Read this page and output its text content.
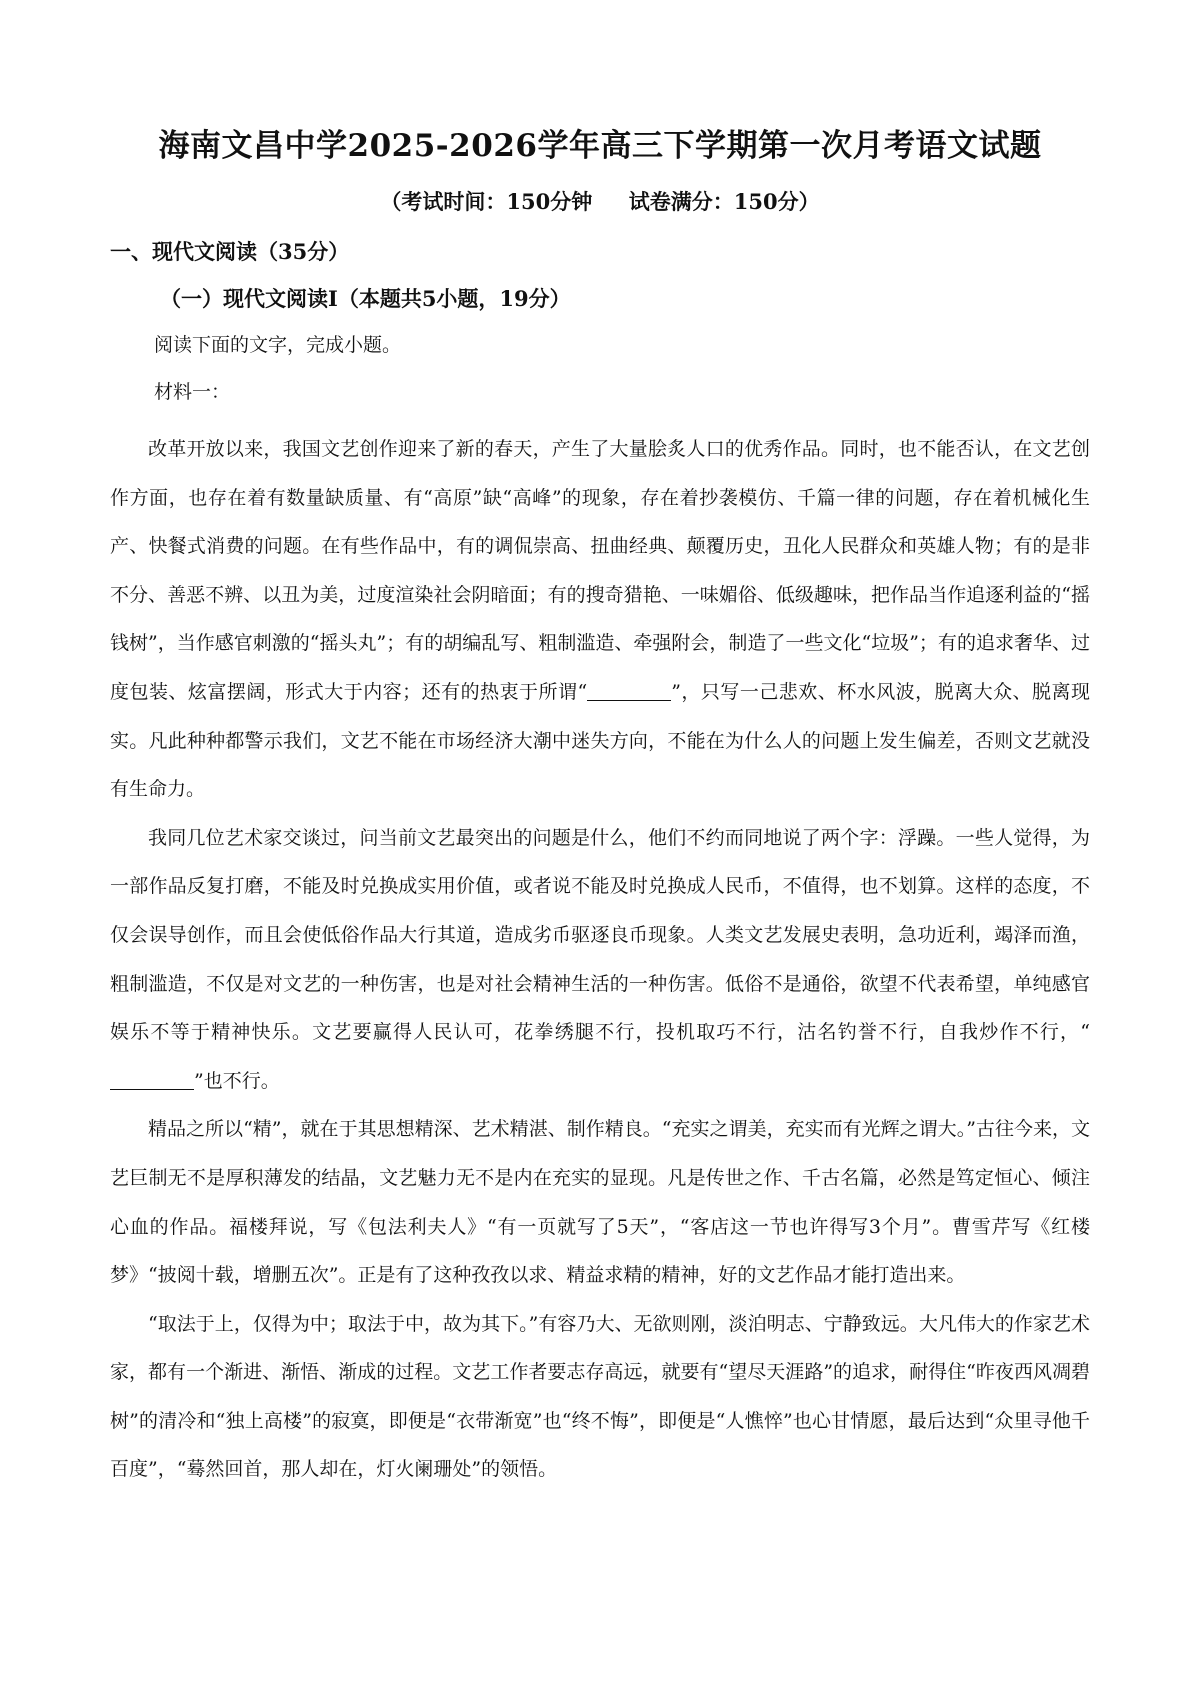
海南文昌中学2025-2026学年高三下学期第一次月考语文试题
（考试时间：150分钟     试卷满分：150分）
一、现代文阅读（35分）
（一）现代文阅读Ⅰ（本题共5小题，19分）
阅读下面的文字，完成小题。
材料一：

改革开放以来，我国文艺创作迎来了新的春天，产生了大量脍炙人口的优秀作品。同时，也不能否认，在文艺创作方面，也存在着有数量缺质量、有“高原”缺“高峰”的现象，存在着抄袭模仿、千篇一律的问题，存在着机械化生产、快餐式消费的问题。在有些作品中，有的调侃崇高、扭曲经典、颠覆历史，丑化人民群众和英雄人物；有的是非不分、善恶不辨、以丑为美，过度渲染社会阴暗面；有的搜奇猎艳、一味媚俗、低级趣味，把作品当作追逐利益的“摇钱树”，当作感官刺激的“摇头丸”；有的胡编乱写、粗制滥造、牵强附会，制造了一些文化“垃圾”；有的追求奢华、过度包装、炫富摆阔，形式大于内容；还有的热衷于所谓“	”，只写一己悲欢、杯水风波，脱离大众、脱离现实。凡此种种都警示我们，文艺不能在市场经济大潮中迷失方向，不能在为什么人的问题上发生偏差，否则文艺就没有生命力。

我同几位艺术家交谈过，问当前文艺最突出的问题是什么，他们不约而同地说了两个字：浮躁。一些人觉得，为一部作品反复打磨，不能及时兑换成实用价值，或者说不能及时兑换成人民币，不值得，也不划算。这样的态度，不仅会误导创作，而且会使低俗作品大行其道，造成劣币驱逐良币现象。人类文艺发展史表明，急功近利，竭泽而渔，粗制滥造，不仅是对文艺的一种伤害，也是对社会精神生活的一种伤害。低俗不是通俗，欲望不代表希望，单纯感官娱乐不等于精神快乐。文艺要赢得人民认可，花拳绣腿不行，投机取巧不行，沽名钓誉不行，自我炒作不行，“”也不行。

精品之所以“精”，就在于其思想精深、艺术精湛、制作精良。“充实之谓美，充实而有光辉之谓大。”古往今来，文艺巨制无不是厚积薄发的结晶，文艺魅力无不是内在充实的显现。凡是传世之作、千古名篇，必然是笃定恒心、倾注心血的作品。福楼拜说，写《包法利夫人》“有一页就写了5天”，“客店这一节也许得写3个月”。曹雪芹写《红楼梦》“披阅十载，增删五次”。正是有了这种孜孜以求、精益求精的精神，好的文艺作品才能打造出来。

“取法于上，仅得为中；取法于中，故为其下。”有容乃大、无欲则刚，淡泊明志、宁静致远。大凡伟大的作家艺术家，都有一个渐进、渐悟、渐成的过程。文艺工作者要志存高远，就要有“望尽天涯路”的追求，耐得住“昨夜西风凋碧树”的清冷和“独上高楼”的寂寞，即便是“衣带渐宽”也“终不悔”，即便是“人憔悴”也心甘情愿，最后达到“众里寻他千百度”，“蓦然回首，那人却在，灯火阑珊处”的领悟。
